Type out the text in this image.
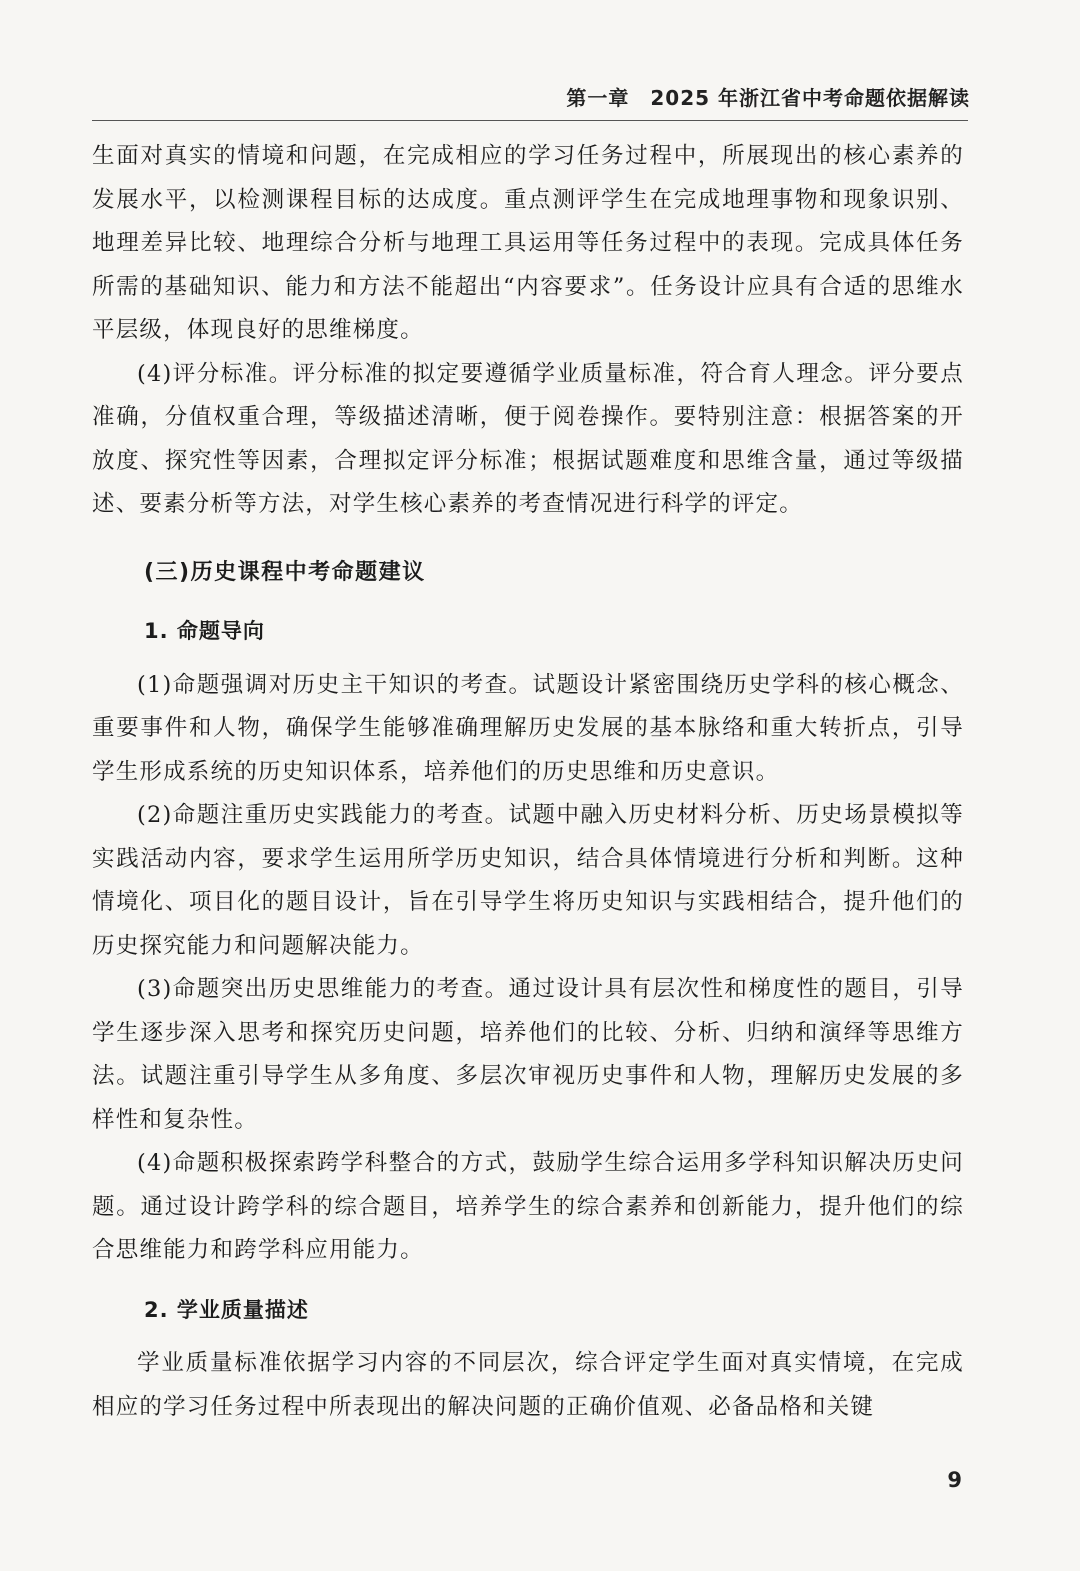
第一章　2025 年浙江省中考命题依据解读

生面对真实的情境和问题，在完成相应的学习任务过程中，所展现出的核心素养的发展水平，以检测课程目标的达成度。重点测评学生在完成地理事物和现象识别、地理差异比较、地理综合分析与地理工具运用等任务过程中的表现。完成具体任务所需的基础知识、能力和方法不能超出“内容要求”。任务设计应具有合适的思维水平层级，体现良好的思维梯度。

(4)评分标准。评分标准的拟定要遵循学业质量标准，符合育人理念。评分要点准确，分值权重合理，等级描述清晰，便于阅卷操作。要特别注意：根据答案的开放度、探究性等因素，合理拟定评分标准；根据试题难度和思维含量，通过等级描述、要素分析等方法，对学生核心素养的考查情况进行科学的评定。

(三)历史课程中考命题建议
1. 命题导向

(1)命题强调对历史主干知识的考查。试题设计紧密围绕历史学科的核心概念、重要事件和人物，确保学生能够准确理解历史发展的基本脉络和重大转折点，引导学生形成系统的历史知识体系，培养他们的历史思维和历史意识。

(2)命题注重历史实践能力的考查。试题中融入历史材料分析、历史场景模拟等实践活动内容，要求学生运用所学历史知识，结合具体情境进行分析和判断。这种情境化、项目化的题目设计，旨在引导学生将历史知识与实践相结合，提升他们的历史探究能力和问题解决能力。

(3)命题突出历史思维能力的考查。通过设计具有层次性和梯度性的题目，引导学生逐步深入思考和探究历史问题，培养他们的比较、分析、归纳和演绎等思维方法。试题注重引导学生从多角度、多层次审视历史事件和人物，理解历史发展的多样性和复杂性。

(4)命题积极探索跨学科整合的方式，鼓励学生综合运用多学科知识解决历史问题。通过设计跨学科的综合题目，培养学生的综合素养和创新能力，提升他们的综合思维能力和跨学科应用能力。

2. 学业质量描述

学业质量标准依据学习内容的不同层次，综合评定学生面对真实情境，在完成相应的学习任务过程中所表现出的解决问题的正确价值观、必备品格和关键

9
